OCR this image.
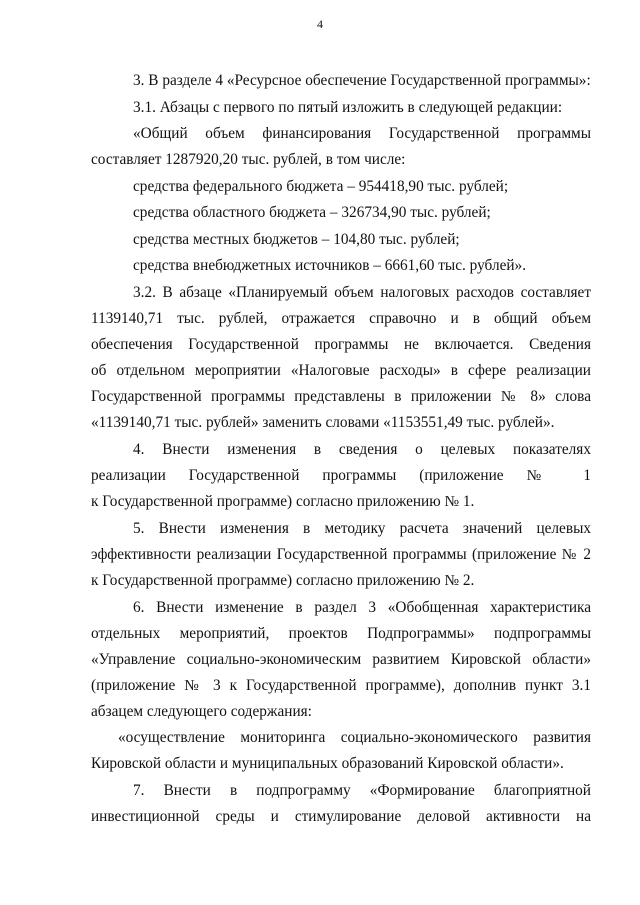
4
3. В разделе 4 «Ресурсное обеспечение Государственной программы»:
3.1. Абзацы с первого по пятый изложить в следующей редакции:
«Общий объем финансирования Государственной программы
составляет 1287920,20 тыс. рублей, в том числе:
средства федерального бюджета – 954418,90 тыс. рублей;
средства областного бюджета – 326734,90 тыс. рублей;
средства местных бюджетов – 104,80 тыс. рублей;
средства внебюджетных источников – 6661,60 тыс. рублей».
3.2. В абзаце «Планируемый объем налоговых расходов составляет
1139140,71 тыс. рублей, отражается справочно и в общий объем
обеспечения Государственной программы не включается. Сведения
об отдельном мероприятии «Налоговые расходы» в сфере реализации
Государственной программы представлены в приложении № 8» слова
«1139140,71 тыс. рублей» заменить словами «1153551,49 тыс. рублей».
4. Внести изменения в сведения о целевых показателях
реализации Государственной программы (приложение № 1
к Государственной программе) согласно приложению № 1.
5. Внести изменения в методику расчета значений целевых
эффективности реализации Государственной программы (приложение № 2
к Государственной программе) согласно приложению № 2.
6. Внести изменение в раздел 3 «Обобщенная характеристика
отдельных мероприятий, проектов Подпрограммы» подпрограммы
«Управление социально-экономическим развитием Кировской области»
(приложение № 3 к Государственной программе), дополнив пункт 3.1
абзацем следующего содержания:
«осуществление мониторинга социально-экономического развития
Кировской области и муниципальных образований Кировской области».
7. Внести в подпрограмму «Формирование благоприятной
инвестиционной среды и стимулирование деловой активности на
